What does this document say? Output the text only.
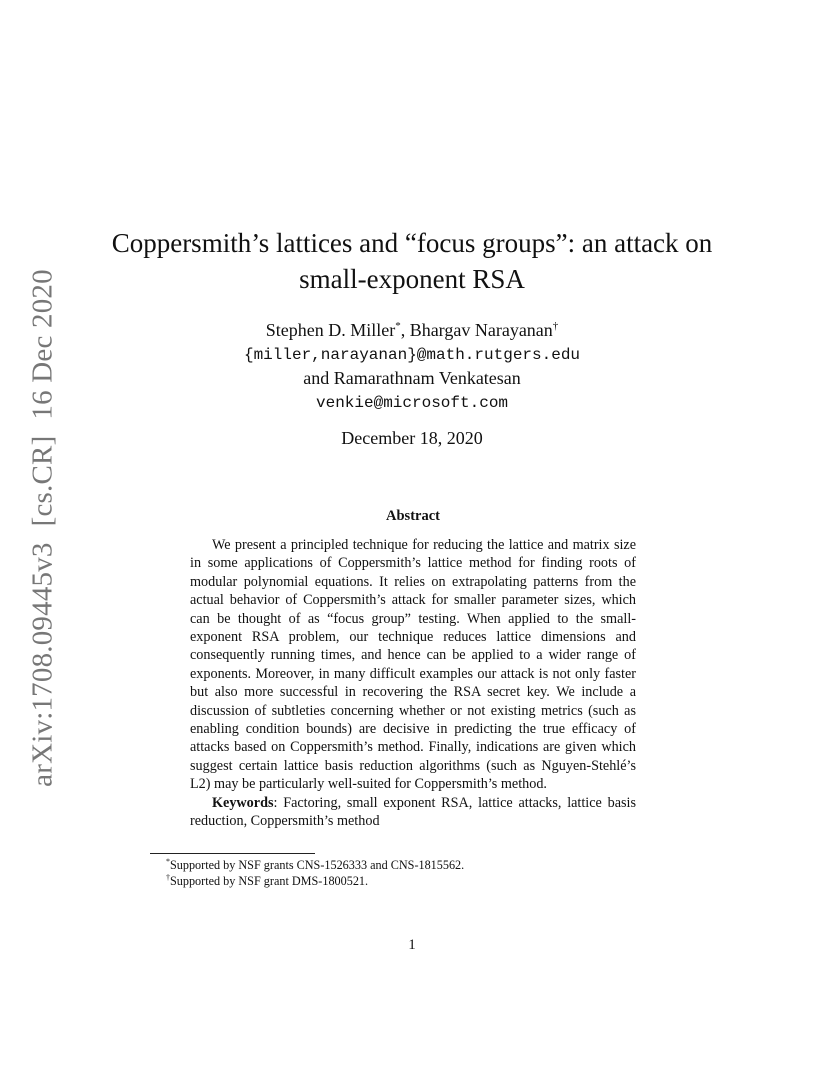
arXiv:1708.09445v3[cs.CR]16 Dec 2020
Coppersmith’s lattices and “focus groups”: an attack on small-exponent RSA
Stephen D. Miller*, Bhargav Narayanan†
{miller,narayanan}@math.rutgers.edu
and Ramarathnam Venkatesan
venkie@microsoft.com
December 18, 2020
Abstract

We present a principled technique for reducing the lattice and matrix size in some applications of Coppersmith’s lattice method for finding roots of modular polynomial equations. It relies on extrapolating patterns from the actual behavior of Coppersmith’s attack for smaller parameter sizes, which can be thought of as “focus group” testing. When applied to the small-exponent RSA problem, our technique reduces lattice dimensions and consequently running times, and hence can be applied to a wider range of exponents. Moreover, in many difficult examples our attack is not only faster but also more successful in recovering the RSA secret key. We include a discussion of subtleties concerning whether or not existing metrics (such as enabling condition bounds) are decisive in predicting the true efficacy of attacks based on Coppersmith’s method. Finally, indications are given which suggest certain lattice basis reduction algorithms (such as Nguyen-Stehlé’s L2) may be particularly well-suited for Coppersmith’s method.

Keywords: Factoring, small exponent RSA, lattice attacks, lattice basis reduction, Coppersmith’s method

*Supported by NSF grants CNS-1526333 and CNS-1815562.
†Supported by NSF grant DMS-1800521.
1
